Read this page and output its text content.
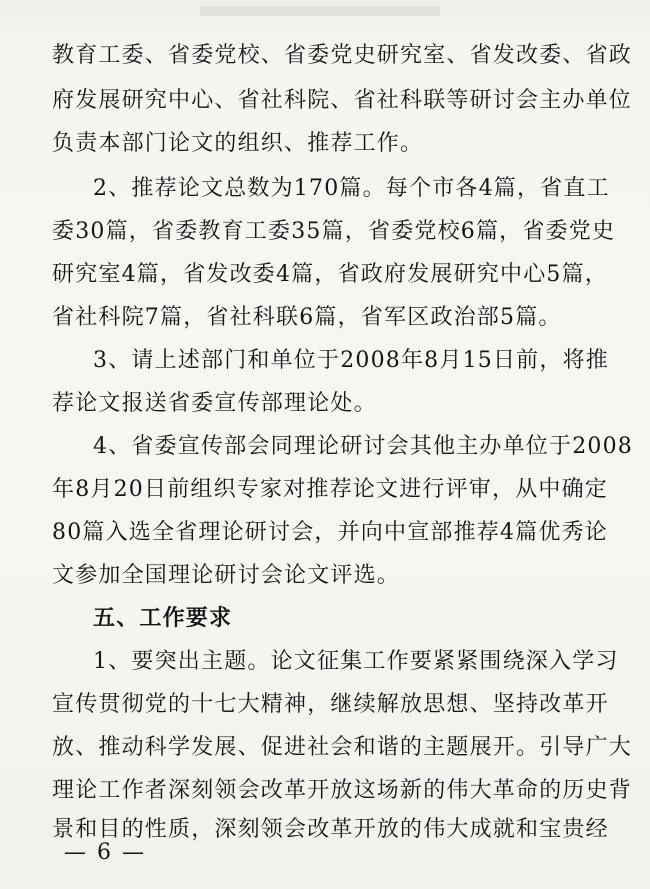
教育工委、省委党校、省委党史研究室、省发改委、省政
府发展研究中心、省社科院、省社科联等研讨会主办单位
负责本部门论文的组织、推荐工作。
2、推荐论文总数为170篇。每个市各4篇，省直工
委30篇，省委教育工委35篇，省委党校6篇，省委党史
研究室4篇，省发改委4篇，省政府发展研究中心5篇，
省社科院7篇，省社科联6篇，省军区政治部5篇。
3、请上述部门和单位于2008年8月15日前，将推
荐论文报送省委宣传部理论处。
4、省委宣传部会同理论研讨会其他主办单位于2008
年8月20日前组织专家对推荐论文进行评审，从中确定
80篇入选全省理论研讨会，并向中宣部推荐4篇优秀论
文参加全国理论研讨会论文评选。
五、工作要求
1、要突出主题。论文征集工作要紧紧围绕深入学习
宣传贯彻党的十七大精神，继续解放思想、坚持改革开
放、推动科学发展、促进社会和谐的主题展开。引导广大
理论工作者深刻领会改革开放这场新的伟大革命的历史背
景和目的性质，深刻领会改革开放的伟大成就和宝贵经
— 6 —
